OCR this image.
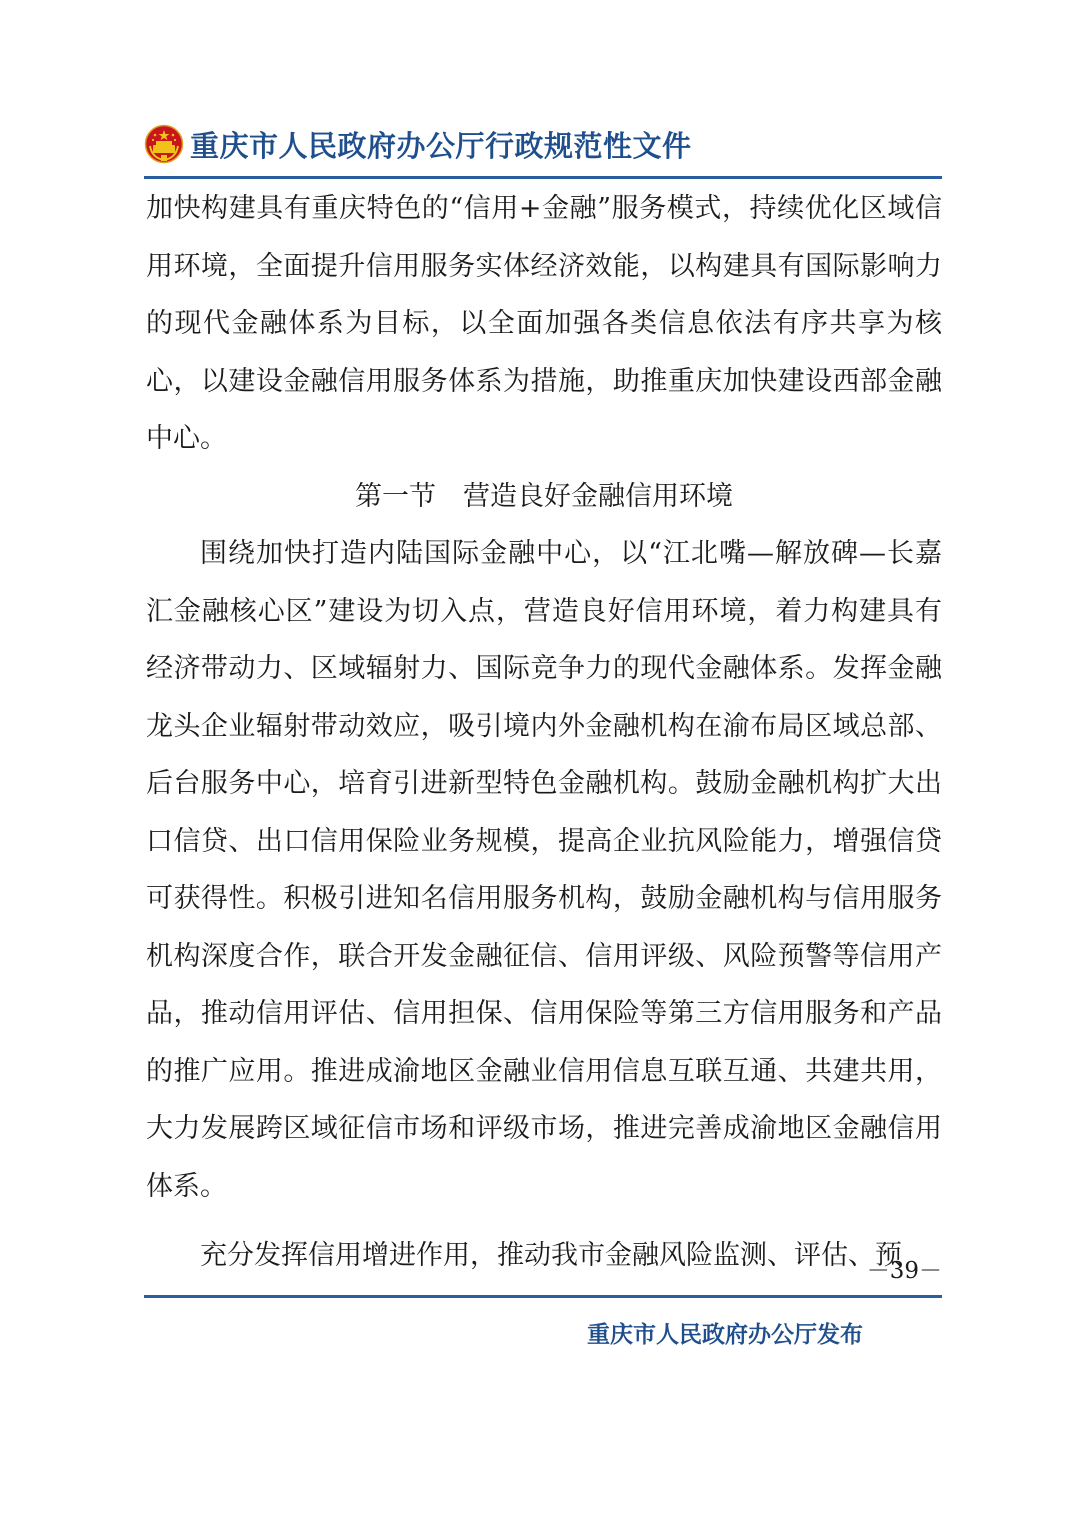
重庆市人民政府办公厅行政规范性文件

加快构建具有重庆特色的“信用+金融”服务模式，持续优化区域信用环境，全面提升信用服务实体经济效能，以构建具有国际影响力的现代金融体系为目标，以全面加强各类信息依法有序共享为核心，以建设金融信用服务体系为措施，助推重庆加快建设西部金融中心。

第一节　营造良好金融信用环境

围绕加快打造内陆国际金融中心，以“江北嘴—解放碑—长嘉汇金融核心区”建设为切入点，营造良好信用环境，着力构建具有经济带动力、区域辐射力、国际竞争力的现代金融体系。发挥金融龙头企业辐射带动效应，吸引境内外金融机构在渝布局区域总部、后台服务中心，培育引进新型特色金融机构。鼓励金融机构扩大出口信贷、出口信用保险业务规模，提高企业抗风险能力，增强信贷可获得性。积极引进知名信用服务机构，鼓励金融机构与信用服务机构深度合作，联合开发金融征信、信用评级、风险预警等信用产品，推动信用评估、信用担保、信用保险等第三方信用服务和产品的推广应用。推进成渝地区金融业信用信息互联互通、共建共用，大力发展跨区域征信市场和评级市场，推进完善成渝地区金融信用体系。

充分发挥信用增进作用，推动我市金融风险监测、评估、预

－39－
重庆市人民政府办公厅发布
